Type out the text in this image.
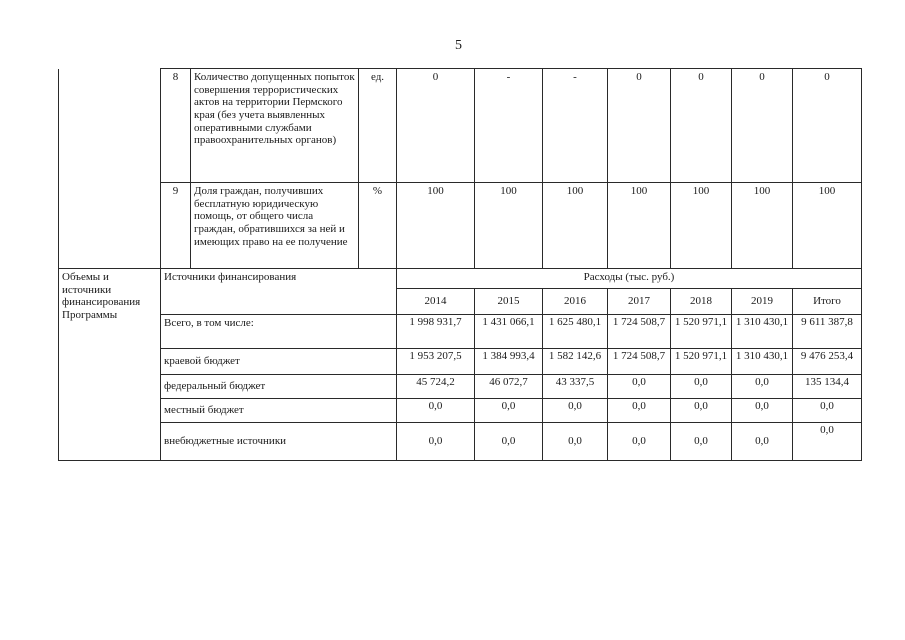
5
	8	Количество допущенных попыток совершения террористических актов на территории Пермского края (без учета выявленных оперативными службами правоохранительных органов)	ед.	0	-	-	0	0	0	0
	9	Доля граждан, получивших бесплатную юридическую помощь, от общего числа граждан, обратившихся за ней и имеющих право на ее получение	%	100	100	100	100	100	100	100
Объемы и источники финансирования Программы	Источники финансирования			Расходы (тыс. руб.)						
				2014	2015	2016	2017	2018	2019	Итого
	Всего, в том числе:			1 998 931,7	1 431 066,1	1 625 480,1	1 724 508,7	1 520 971,1	1 310 430,1	9 611 387,8
	краевой бюджет			1 953 207,5	1 384 993,4	1 582 142,6	1 724 508,7	1 520 971,1	1 310 430,1	9 476 253,4
	федеральный бюджет			45 724,2	46 072,7	43 337,5	0,0	0,0	0,0	135 134,4
	местный бюджет			0,0	0,0	0,0	0,0	0,0	0,0	0,0
	внебюджетные источники			0,0	0,0	0,0	0,0	0,0	0,0	0,0
